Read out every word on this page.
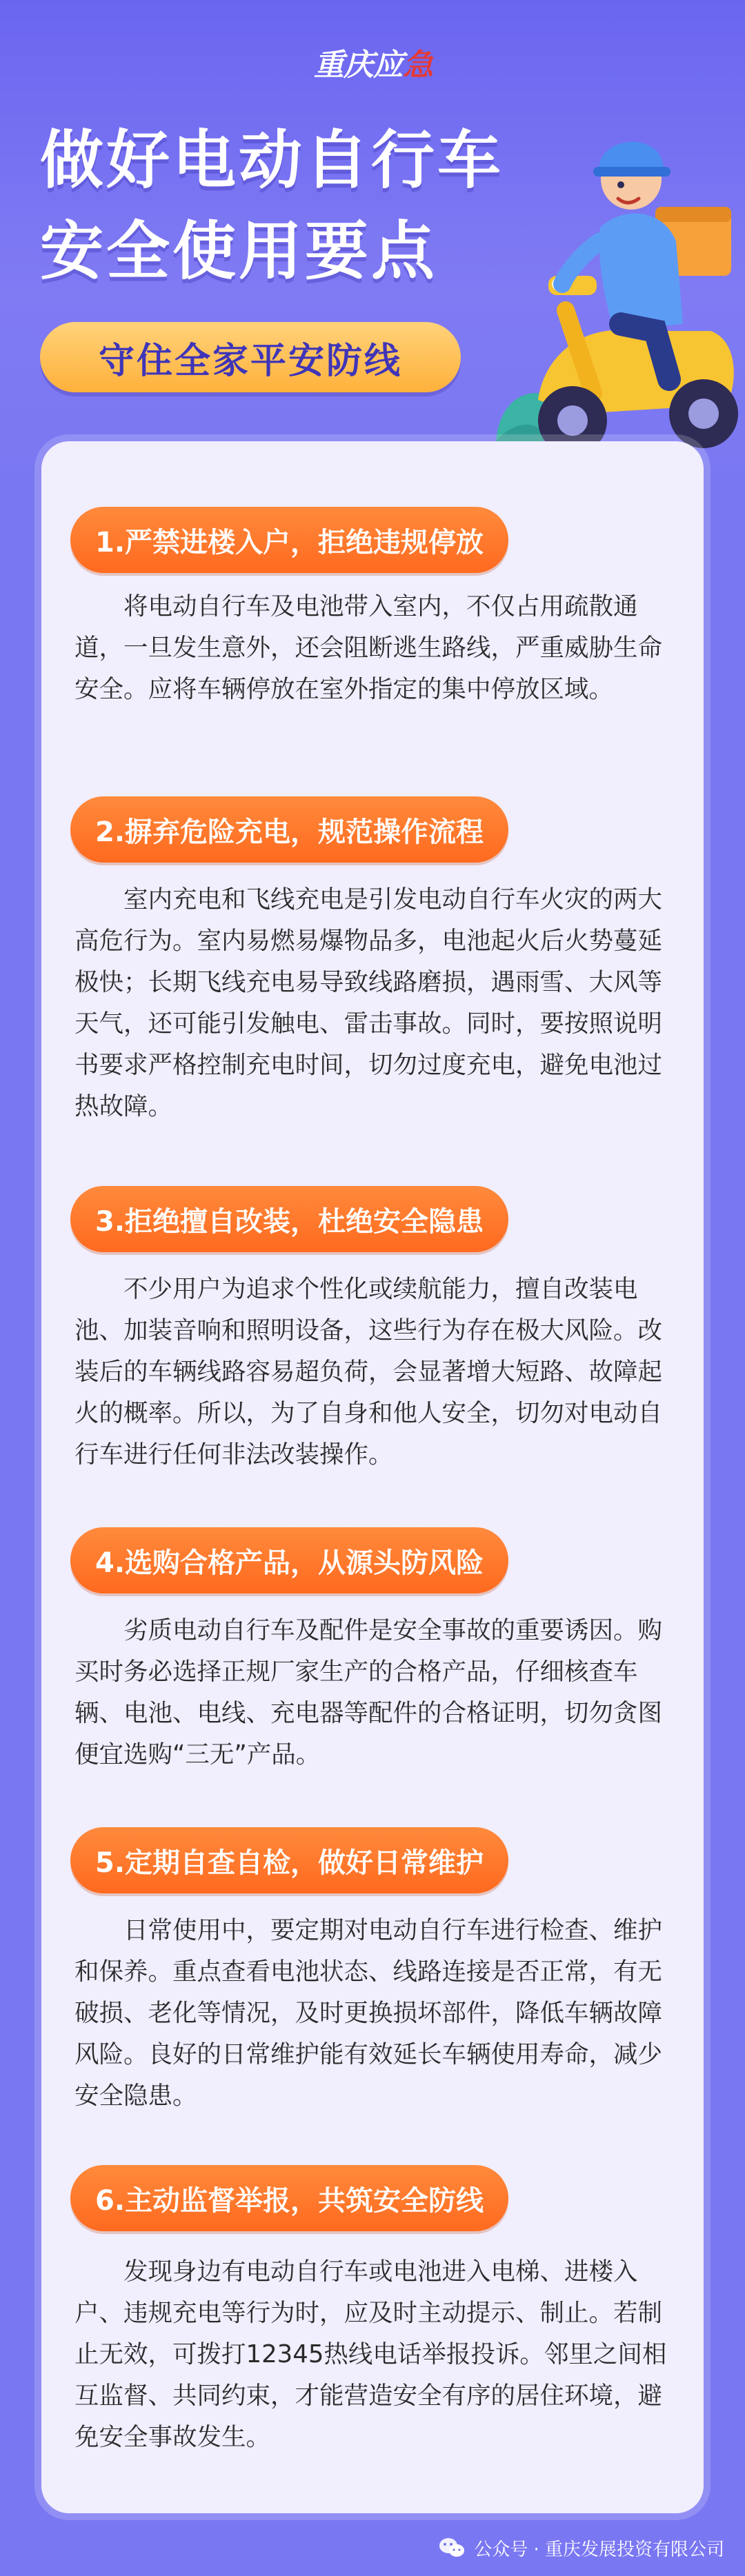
重庆应 急
做好电动自行车
安全使用要点
守住全家平安防线
1.严禁进楼入户，拒绝违规停放
将电动自行车及电池带入室内，不仅占用疏散通道，一旦发生意外，还会阻断逃生路线，严重威胁生命安全。应将车辆停放在室外指定的集中停放区域。
2.摒弃危险充电，规范操作流程
室内充电和飞线充电是引发电动自行车火灾的两大高危行为。室内易燃易爆物品多，电池起火后火势蔓延极快；长期飞线充电易导致线路磨损，遇雨雪、大风等天气，还可能引发触电、雷击事故。同时，要按照说明书要求严格控制充电时间，切勿过度充电，避免电池过热故障。
3.拒绝擅自改装，杜绝安全隐患
不少用户为追求个性化或续航能力，擅自改装电池、加装音响和照明设备，这些行为存在极大风险。改装后的车辆线路容易超负荷，会显著增大短路、故障起火的概率。所以，为了自身和他人安全，切勿对电动自行车进行任何非法改装操作。
4.选购合格产品，从源头防风险
劣质电动自行车及配件是安全事故的重要诱因。购买时务必选择正规厂家生产的合格产品，仔细核查车辆、电池、电线、充电器等配件的合格证明，切勿贪图便宜选购“三无”产品。
5.定期自查自检，做好日常维护
日常使用中，要定期对电动自行车进行检查、维护和保养。重点查看电池状态、线路连接是否正常，有无破损、老化等情况，及时更换损坏部件，降低车辆故障风险。良好的日常维护能有效延长车辆使用寿命，减少安全隐患。
6.主动监督举报，共筑安全防线
发现身边有电动自行车或电池进入电梯、进楼入户、违规充电等行为时，应及时主动提示、制止。若制止无效，可拨打12345热线电话举报投诉。邻里之间相互监督、共同约束，才能营造安全有序的居住环境，避免安全事故发生。
公众号 · 重庆发展投资有限公司
